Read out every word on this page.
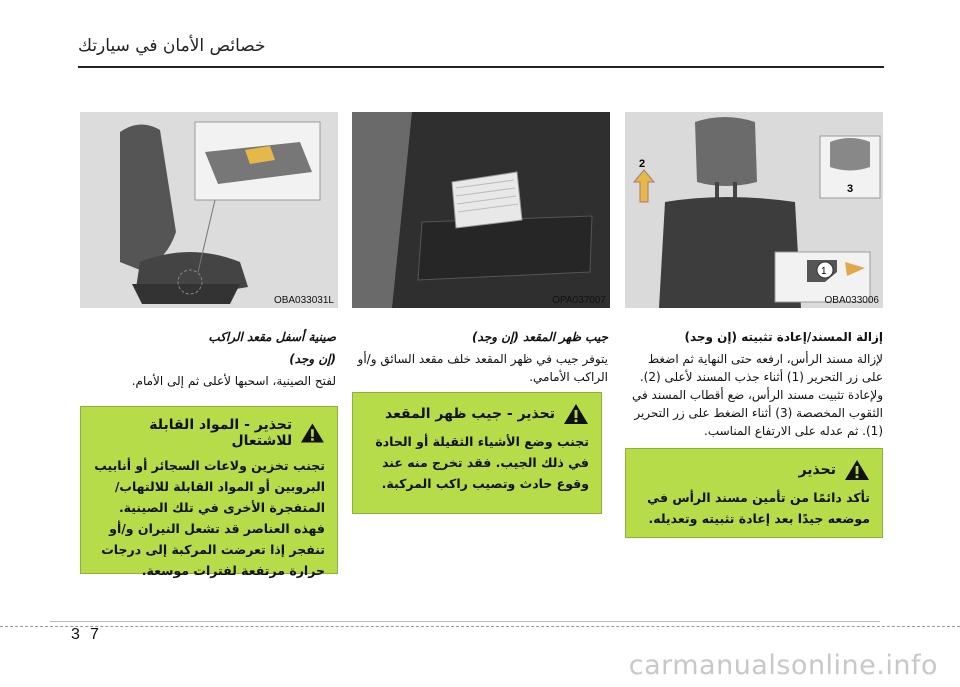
خصائص الأمان في سيارتك
OBA033031L	OPA037007
1
3
2
OBA033006
صينية أسفل مقعد الراكب
(إن وجد)

لفتح الصينية، اسحبها لأعلى ثم إلى الأمام.

جيب ظهر المقعد (إن وجد)

يتوفر جيب في ظهر المقعد خلف مقعد السائق و/أو الراكب الأمامي.

إزالة المسند/إعادة تثبيته (إن وجد)

لإزالة مسند الرأس، ارفعه حتى النهاية ثم اضغط على زر التحرير (1) أثناء جذب المسند لأعلى (2). ولإعادة تثبيت مسند الرأس، ضع أقطاب المسند في الثقوب المخصصة (3) أثناء الضغط على زر التحرير (1). ثم عدله على الارتفاع المناسب.

تحذير - المواد القابلة للاشتعال

تجنب تخزين ولاعات السجائر أو أنابيب البروبين أو المواد القابلة للالتهاب/المتفجرة الأخرى في تلك الصينية. فهذه العناصر قد تشعل النيران و/أو تنفجر إذا تعرضت المركبة إلى درجات حرارة مرتفعة لفترات موسعة.

تحذير - جيب ظهر المقعد

تجنب وضع الأشياء الثقيلة أو الحادة في ذلك الجيب. فقد تخرج منه عند وقوع حادث وتصيب راكب المركبة.

تحذير

تأكد دائمًا من تأمين مسند الرأس في موضعه جيدًا بعد إعادة تثبيته وتعديله.

3 7
carmanualsonline.info
